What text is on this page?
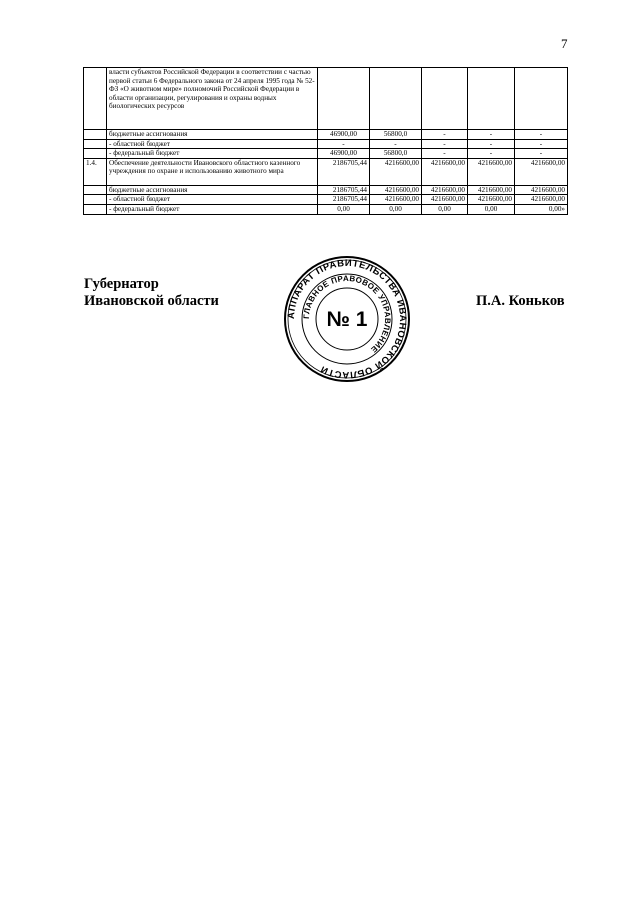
7
	власти субъектов Российской Федерации в соответствии с частью первой статьи 6 Федерального закона от 24 апреля 1995 года № 52-ФЗ «О животном мире» полномочий Российской Федерации в области организации, регулирования и охраны водных биологических ресурсов					
	бюджетные ассигнования	46900,00	56800,0	-	-	-
	- областной бюджет	-	-	-	-	-
	- федеральный бюджет	46900,00	56800,0	-	-	-
1.4.	Обеспечение деятельности Ивановского областного казенного учреждения по охране и использованию животного мира	2186705,44	4216600,00	4216600,00	4216600,00	4216600,00
	бюджетные ассигнования	2186705,44	4216600,00	4216600,00	4216600,00	4216600,00
	- областной бюджет	2186705,44	4216600,00	4216600,00	4216600,00	4216600,00
	- федеральный бюджет	0,00	0,00	0,00	0,00	0,00»
Губернатор
Ивановской области	П.А. Коньков
АППАРАТ ПРАВИТЕЛЬСТВА ИВАНОВСКОЙ ОБЛАСТИ
ГЛАВНОЕ ПРАВОВОЕ УПРАВЛЕНИЕ
№ 1
